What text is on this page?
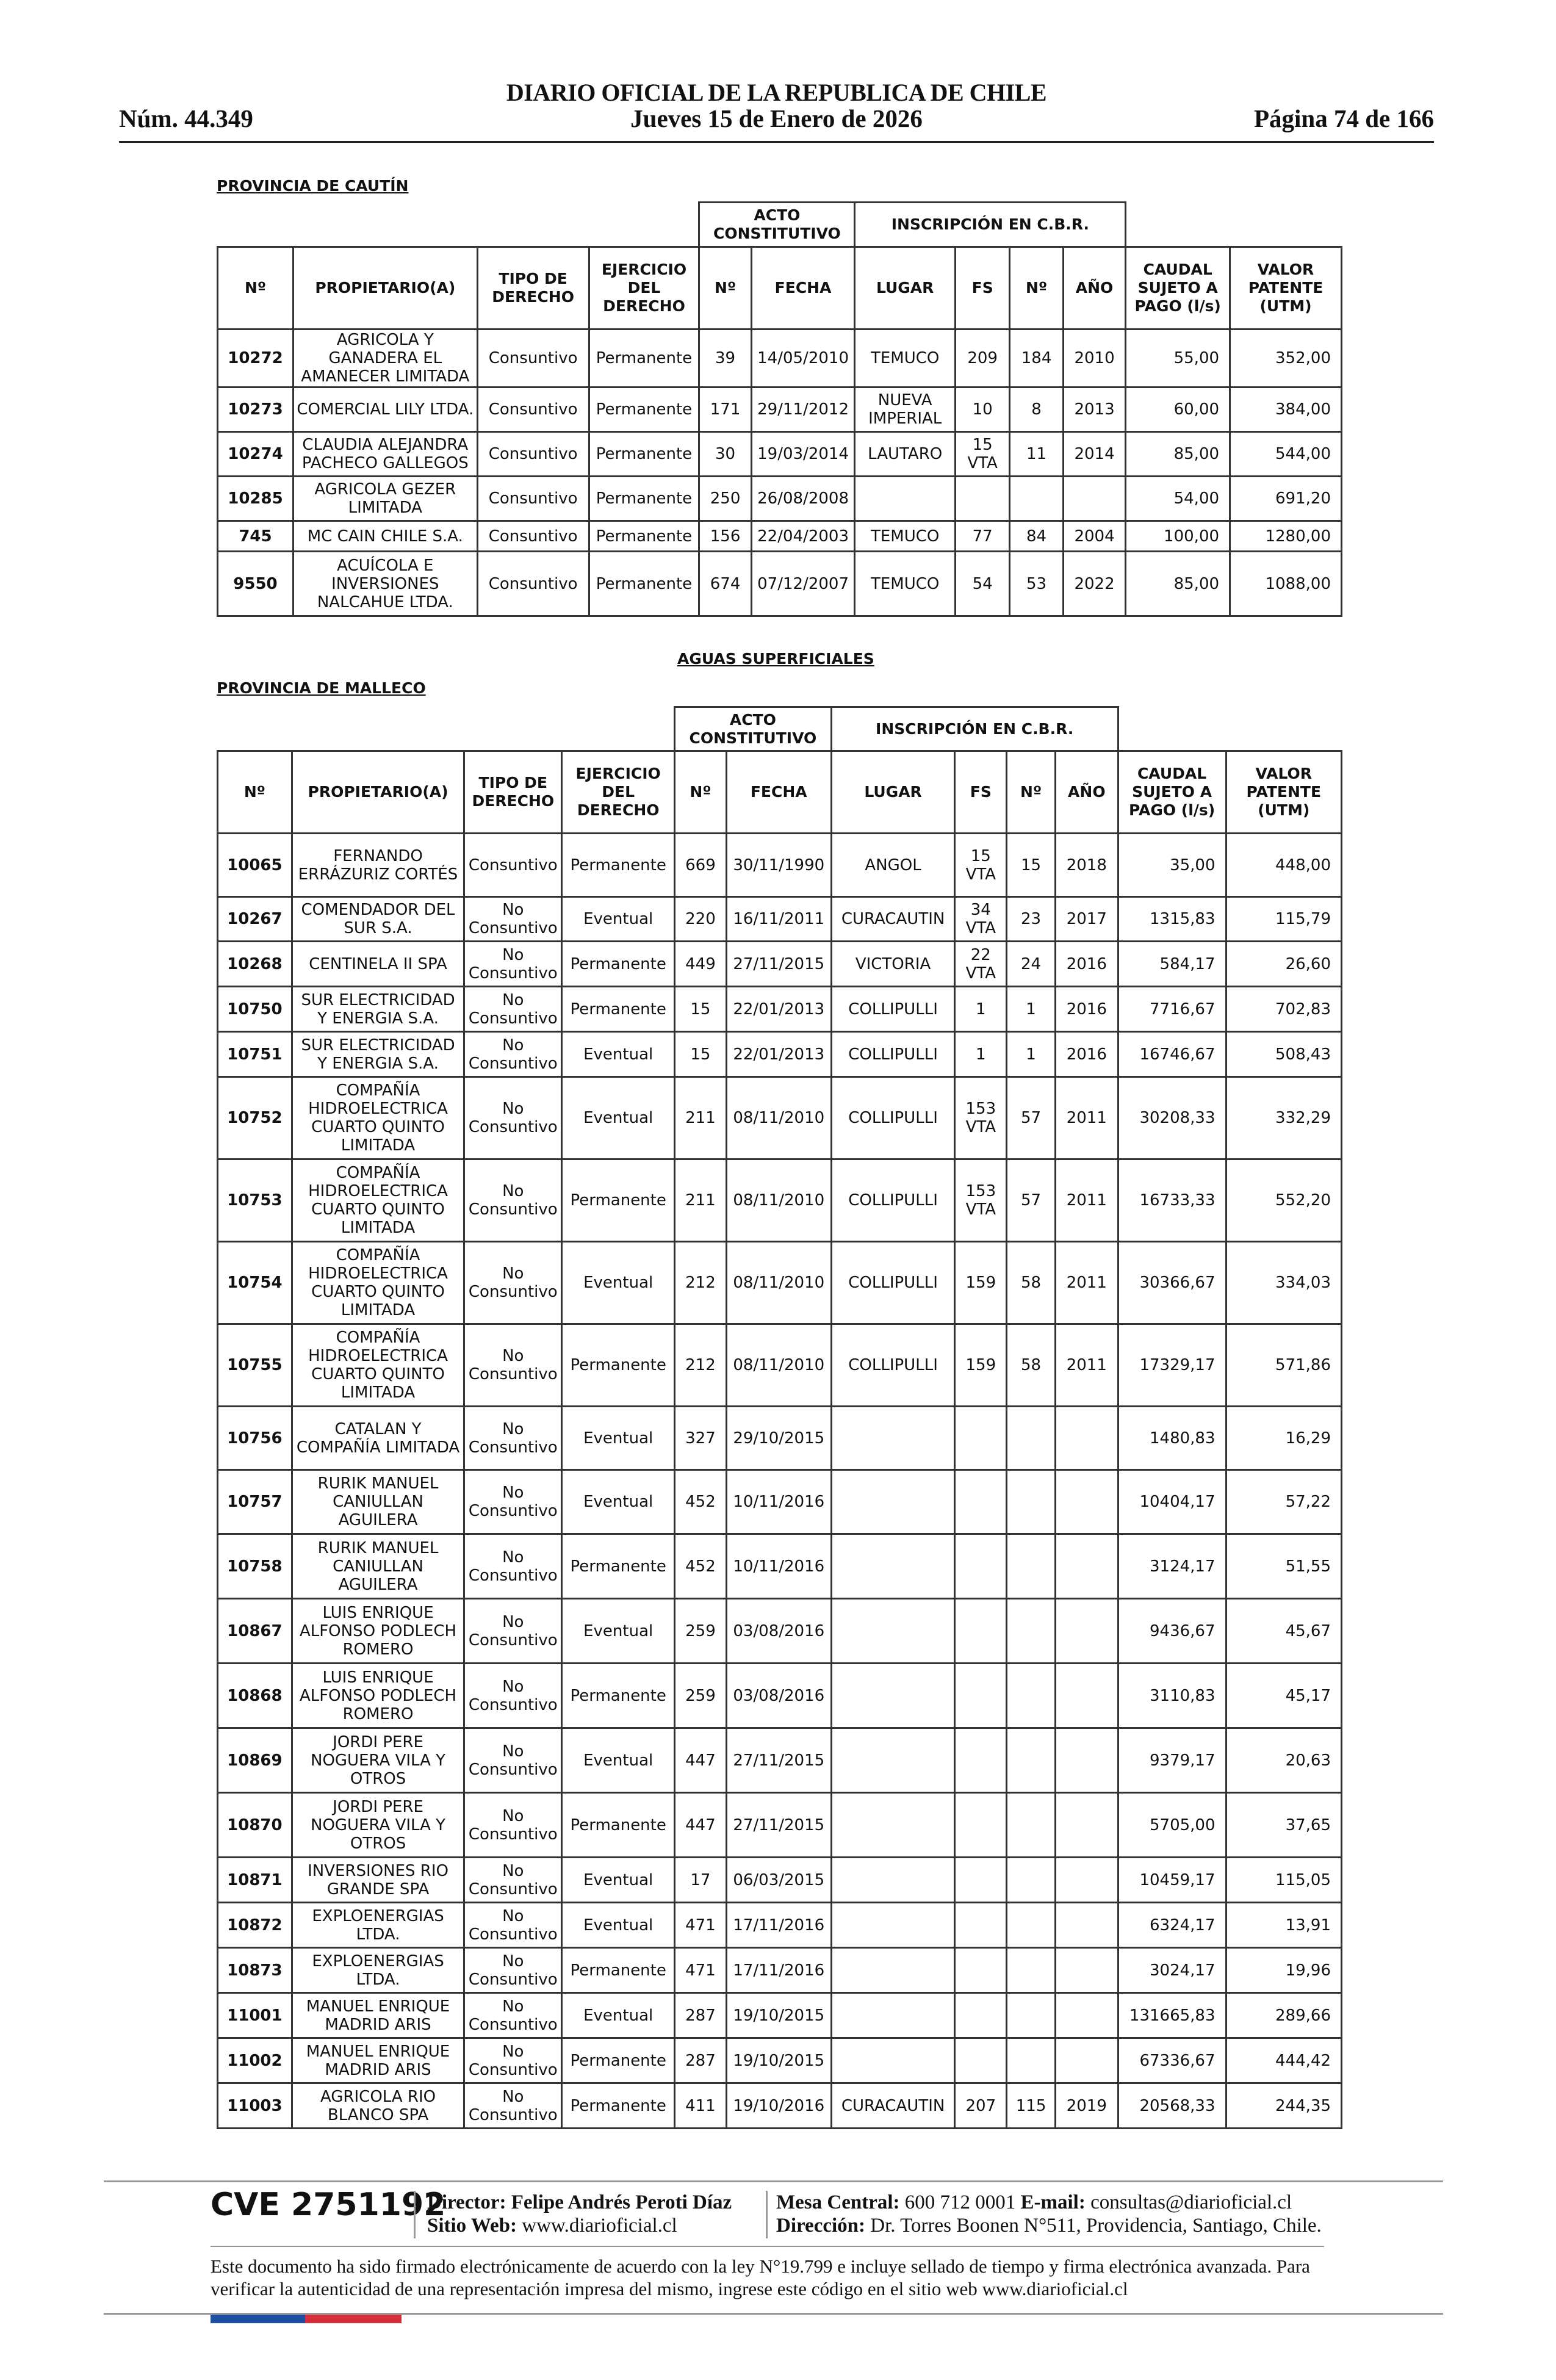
DIARIO OFICIAL DE LA REPUBLICA DE CHILE
Núm. 44.349	Jueves 15 de Enero de 2026	Página 74 de 166
PROVINCIA DE CAUTÍN
				ACTO CONSTITUTIVO		INSCRIPCIÓN EN C.B.R.					
Nº	PROPIETARIO(A)	TIPO DE DERECHO	EJERCICIO DEL DERECHO	Nº	FECHA	LUGAR	FS	Nº	AÑO	CAUDAL SUJETO A PAGO (l/s)	VALOR PATENTE (UTM)
10272	AGRICOLA Y GANADERA EL AMANECER LIMITADA	Consuntivo	Permanente	39	14/05/2010	TEMUCO	209	184	2010	55,00	352,00
10273	COMERCIAL LILY LTDA.	Consuntivo	Permanente	171	29/11/2012	NUEVA IMPERIAL	10	8	2013	60,00	384,00
10274	CLAUDIA ALEJANDRA PACHECO GALLEGOS	Consuntivo	Permanente	30	19/03/2014	LAUTARO	15 VTA	11	2014	85,00	544,00
10285	AGRICOLA GEZER LIMITADA	Consuntivo	Permanente	250	26/08/2008					54,00	691,20
745	MC CAIN CHILE S.A.	Consuntivo	Permanente	156	22/04/2003	TEMUCO	77	84	2004	100,00	1280,00
9550	ACUÍCOLA E INVERSIONES NALCAHUE LTDA.	Consuntivo	Permanente	674	07/12/2007	TEMUCO	54	53	2022	85,00	1088,00
AGUAS SUPERFICIALES
PROVINCIA DE MALLECO
				ACTO CONSTITUTIVO		INSCRIPCIÓN EN C.B.R.					
Nº	PROPIETARIO(A)	TIPO DE DERECHO	EJERCICIO DEL DERECHO	Nº	FECHA	LUGAR	FS	Nº	AÑO	CAUDAL SUJETO A PAGO (l/s)	VALOR PATENTE (UTM)
10065	FERNANDO ERRÁZURIZ CORTÉS	Consuntivo	Permanente	669	30/11/1990	ANGOL	15 VTA	15	2018	35,00	448,00
10267	COMENDADOR DEL SUR S.A.	No Consuntivo	Eventual	220	16/11/2011	CURACAUTIN	34 VTA	23	2017	1315,83	115,79
10268	CENTINELA II SPA	No Consuntivo	Permanente	449	27/11/2015	VICTORIA	22 VTA	24	2016	584,17	26,60
10750	SUR ELECTRICIDAD Y ENERGIA S.A.	No Consuntivo	Permanente	15	22/01/2013	COLLIPULLI	1	1	2016	7716,67	702,83
10751	SUR ELECTRICIDAD Y ENERGIA S.A.	No Consuntivo	Eventual	15	22/01/2013	COLLIPULLI	1	1	2016	16746,67	508,43
10752	COMPAÑÍA HIDROELECTRICA CUARTO QUINTO LIMITADA	No Consuntivo	Eventual	211	08/11/2010	COLLIPULLI	153 VTA	57	2011	30208,33	332,29
10753	COMPAÑÍA HIDROELECTRICA CUARTO QUINTO LIMITADA	No Consuntivo	Permanente	211	08/11/2010	COLLIPULLI	153 VTA	57	2011	16733,33	552,20
10754	COMPAÑÍA HIDROELECTRICA CUARTO QUINTO LIMITADA	No Consuntivo	Eventual	212	08/11/2010	COLLIPULLI	159	58	2011	30366,67	334,03
10755	COMPAÑÍA HIDROELECTRICA CUARTO QUINTO LIMITADA	No Consuntivo	Permanente	212	08/11/2010	COLLIPULLI	159	58	2011	17329,17	571,86
10756	CATALAN Y COMPAÑÍA LIMITADA	No Consuntivo	Eventual	327	29/10/2015					1480,83	16,29
10757	RURIK MANUEL CANIULLAN AGUILERA	No Consuntivo	Eventual	452	10/11/2016					10404,17	57,22
10758	RURIK MANUEL CANIULLAN AGUILERA	No Consuntivo	Permanente	452	10/11/2016					3124,17	51,55
10867	LUIS ENRIQUE ALFONSO PODLECH ROMERO	No Consuntivo	Eventual	259	03/08/2016					9436,67	45,67
10868	LUIS ENRIQUE ALFONSO PODLECH ROMERO	No Consuntivo	Permanente	259	03/08/2016					3110,83	45,17
10869	JORDI PERE NOGUERA VILA Y OTROS	No Consuntivo	Eventual	447	27/11/2015					9379,17	20,63
10870	JORDI PERE NOGUERA VILA Y OTROS	No Consuntivo	Permanente	447	27/11/2015					5705,00	37,65
10871	INVERSIONES RIO GRANDE SPA	No Consuntivo	Eventual	17	06/03/2015					10459,17	115,05
10872	EXPLOENERGIAS LTDA.	No Consuntivo	Eventual	471	17/11/2016					6324,17	13,91
10873	EXPLOENERGIAS LTDA.	No Consuntivo	Permanente	471	17/11/2016					3024,17	19,96
11001	MANUEL ENRIQUE MADRID ARIS	No Consuntivo	Eventual	287	19/10/2015					131665,83	289,66
11002	MANUEL ENRIQUE MADRID ARIS	No Consuntivo	Permanente	287	19/10/2015					67336,67	444,42
11003	AGRICOLA RIO BLANCO SPA	No Consuntivo	Permanente	411	19/10/2016	CURACAUTIN	207	115	2019	20568,33	244,35
CVE 2751192
Director: Felipe Andrés Peroti Díaz
Sitio Web: www.diarioficial.cl
Mesa Central: 600 712 0001 E-mail: consultas@diarioficial.cl
Dirección: Dr. Torres Boonen N°511, Providencia, Santiago, Chile.
Este documento ha sido firmado electrónicamente de acuerdo con la ley N°19.799 e incluye sellado de tiempo y firma electrónica avanzada. Para verificar la autenticidad de una representación impresa del mismo, ingrese este código en el sitio web www.diarioficial.cl
